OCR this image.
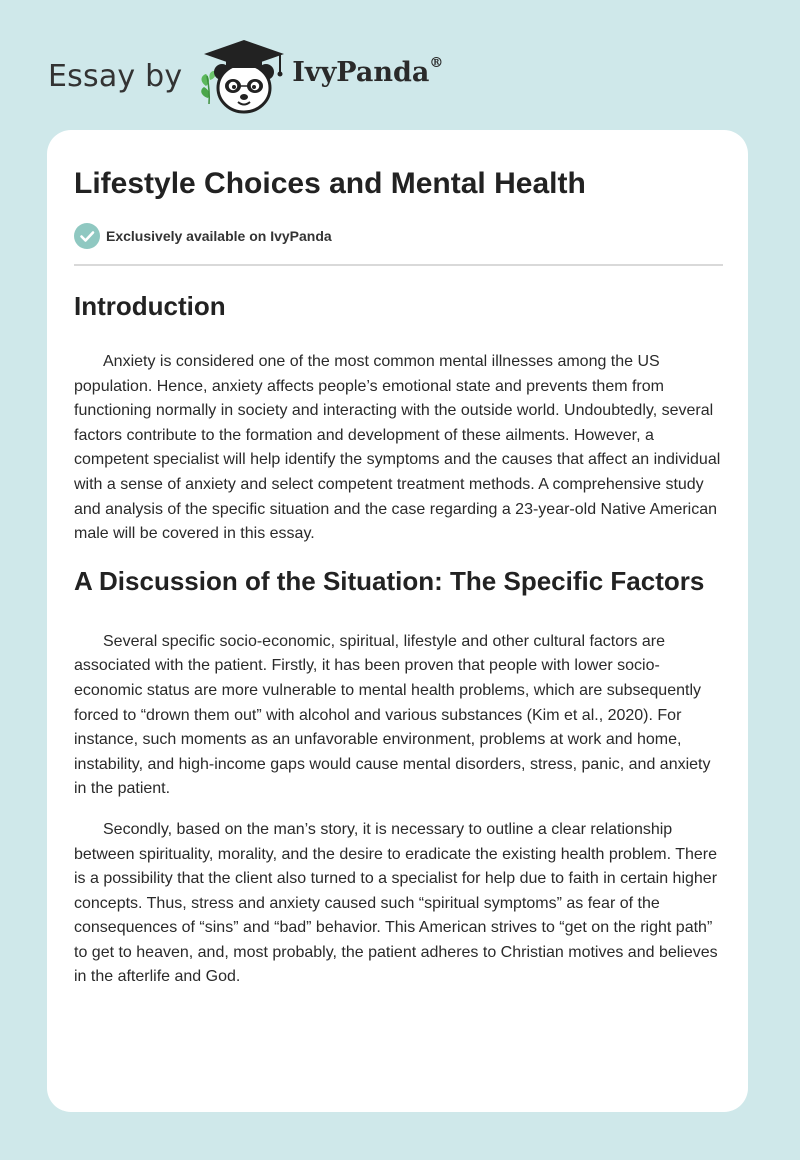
Essay by	IvyPanda®
Lifestyle Choices and Mental Health
Exclusively available on IvyPanda
Introduction

Anxiety is considered one of the most common mental illnesses among the US population. Hence, anxiety affects people’s emotional state and prevents them from functioning normally in society and interacting with the outside world. Undoubtedly, several factors contribute to the formation and development of these ailments. However, a competent specialist will help identify the symptoms and the causes that affect an individual with a sense of anxiety and select competent treatment methods. A comprehensive study and analysis of the specific situation and the case regarding a 23-year-old Native American male will be covered in this essay.

A Discussion of the Situation: The Specific Factors

Several specific socio-economic, spiritual, lifestyle and other cultural factors are associated with the patient. Firstly, it has been proven that people with lower socio-economic status are more vulnerable to mental health problems, which are subsequently forced to “drown them out” with alcohol and various substances (Kim et al., 2020). For instance, such moments as an unfavorable environment, problems at work and home, instability, and high-income gaps would cause mental disorders, stress, panic, and anxiety in the patient.

Secondly, based on the man’s story, it is necessary to outline a clear relationship between spirituality, morality, and the desire to eradicate the existing health problem. There is a possibility that the client also turned to a specialist for help due to faith in certain higher concepts. Thus, stress and anxiety caused such “spiritual symptoms” as fear of the consequences of “sins” and “bad” behavior. This American strives to “get on the right path” to get to heaven, and, most probably, the patient adheres to Christian motives and believes in the afterlife and God.
